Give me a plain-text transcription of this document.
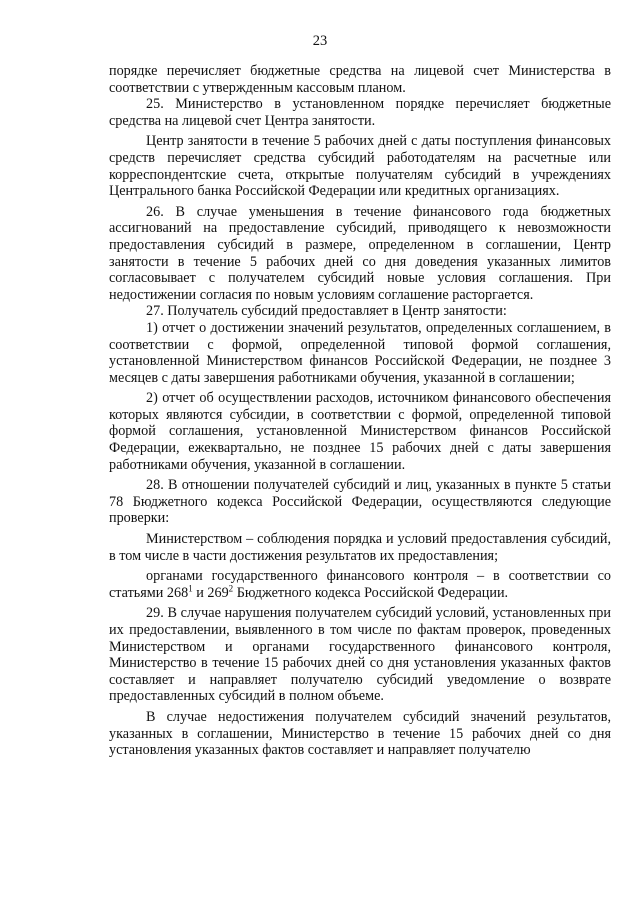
23

порядке перечисляет бюджетные средства на лицевой счет Министерства в соответствии с утвержденным кассовым планом.

25. Министерство в установленном порядке перечисляет бюджетные средства на лицевой счет Центра занятости.

Центр занятости в течение 5 рабочих дней с даты поступления финансовых средств перечисляет средства субсидий работодателям на расчетные или корреспондентские счета, открытые получателям субсидий в учреждениях Центрального банка Российской Федерации или кредитных организациях.

26. В случае уменьшения в течение финансового года бюджетных ассигнований на предоставление субсидий, приводящего к невозможности предоставления субсидий в размере, определенном в соглашении, Центр занятости в течение 5 рабочих дней со дня доведения указанных лимитов согласовывает с получателем субсидий новые условия соглашения. При недостижении согласия по новым условиям соглашение расторгается.

27. Получатель субсидий предоставляет в Центр занятости:

1) отчет о достижении значений результатов, определенных соглашением, в соответствии с формой, определенной типовой формой соглашения, установленной Министерством финансов Российской Федерации, не позднее 3 месяцев с даты завершения работниками обучения, указанной в соглашении;

2) отчет об осуществлении расходов, источником финансового обеспечения которых являются субсидии, в соответствии с формой, определенной типовой формой соглашения, установленной Министерством финансов Российской Федерации, ежеквартально, не позднее 15 рабочих дней с даты завершения работниками обучения, указанной в соглашении.

28. В отношении получателей субсидий и лиц, указанных в пункте 5 статьи 78 Бюджетного кодекса Российской Федерации, осуществляются следующие проверки:

Министерством – соблюдения порядка и условий предоставления субсидий, в том числе в части достижения результатов их предоставления;

органами государственного финансового контроля – в соответствии со статьями $268^1$ и $269^2$ Бюджетного кодекса Российской Федерации.

29. В случае нарушения получателем субсидий условий, установленных при их предоставлении, выявленного в том числе по фактам проверок, проведенных Министерством и органами государственного финансового контроля, Министерство в течение 15 рабочих дней со дня установления указанных фактов составляет и направляет получателю субсидий уведомление о возврате предоставленных субсидий в полном объеме.

В случае недостижения получателем субсидий значений результатов, указанных в соглашении, Министерство в течение 15 рабочих дней со дня установления указанных фактов составляет и направляет получателю
